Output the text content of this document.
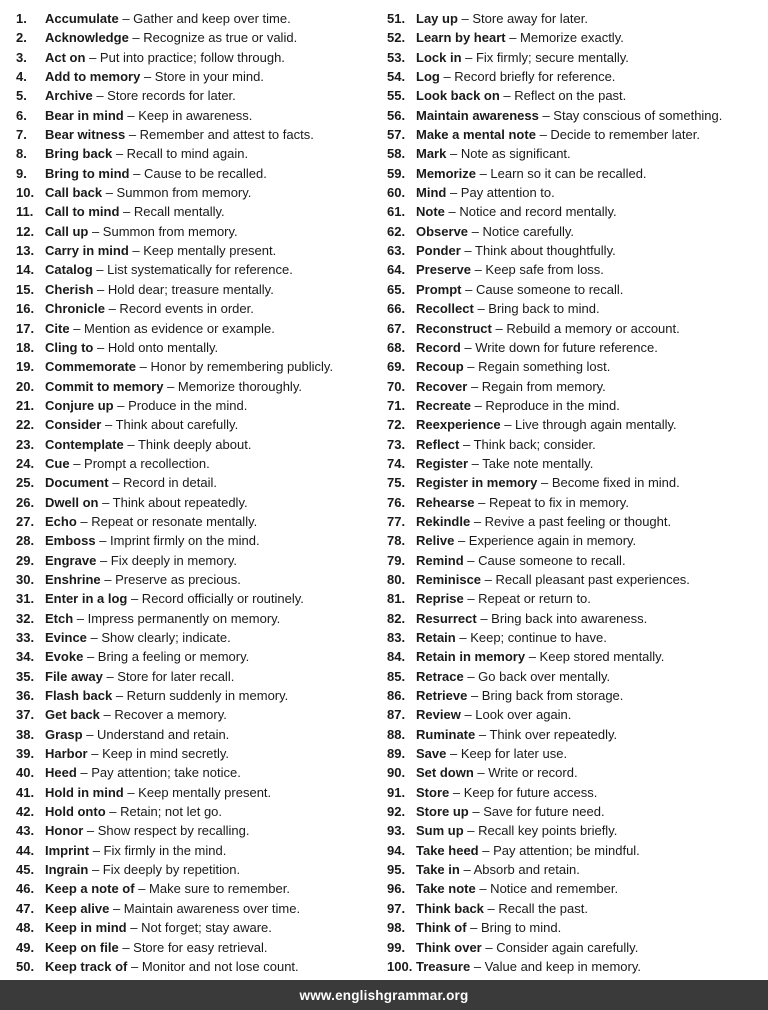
1.	Accumulate – Gather and keep over time.
2.	Acknowledge – Recognize as true or valid.
3.	Act on – Put into practice; follow through.
4.	Add to memory – Store in your mind.
5.	Archive – Store records for later.
6.	Bear in mind – Keep in awareness.
7.	Bear witness – Remember and attest to facts.
8.	Bring back – Recall to mind again.
9.	Bring to mind – Cause to be recalled.
10. Call back – Summon from memory.
11. Call to mind – Recall mentally.
12. Call up – Summon from memory.
13. Carry in mind – Keep mentally present.
14. Catalog – List systematically for reference.
15. Cherish – Hold dear; treasure mentally.
16. Chronicle – Record events in order.
17. Cite – Mention as evidence or example.
18. Cling to – Hold onto mentally.
19. Commemorate – Honor by remembering publicly.
20. Commit to memory – Memorize thoroughly.
21. Conjure up – Produce in the mind.
22. Consider – Think about carefully.
23. Contemplate – Think deeply about.
24. Cue – Prompt a recollection.
25. Document – Record in detail.
26. Dwell on – Think about repeatedly.
27. Echo – Repeat or resonate mentally.
28. Emboss – Imprint firmly on the mind.
29. Engrave – Fix deeply in memory.
30. Enshrine – Preserve as precious.
31. Enter in a log – Record officially or routinely.
32. Etch – Impress permanently on memory.
33. Evince – Show clearly; indicate.
34. Evoke – Bring a feeling or memory.
35. File away – Store for later recall.
36. Flash back – Return suddenly in memory.
37. Get back – Recover a memory.
38. Grasp – Understand and retain.
39. Harbor – Keep in mind secretly.
40. Heed – Pay attention; take notice.
41. Hold in mind – Keep mentally present.
42. Hold onto – Retain; not let go.
43. Honor – Show respect by recalling.
44. Imprint – Fix firmly in the mind.
45. Ingrain – Fix deeply by repetition.
46. Keep a note of – Make sure to remember.
47. Keep alive – Maintain awareness over time.
48. Keep in mind – Not forget; stay aware.
49. Keep on file – Store for easy retrieval.
50. Keep track of – Monitor and not lose count.
51. Lay up – Store away for later.
52. Learn by heart – Memorize exactly.
53. Lock in – Fix firmly; secure mentally.
54. Log – Record briefly for reference.
55. Look back on – Reflect on the past.
56. Maintain awareness – Stay conscious of something.
57. Make a mental note – Decide to remember later.
58. Mark – Note as significant.
59. Memorize – Learn so it can be recalled.
60. Mind – Pay attention to.
61. Note – Notice and record mentally.
62. Observe – Notice carefully.
63. Ponder – Think about thoughtfully.
64. Preserve – Keep safe from loss.
65. Prompt – Cause someone to recall.
66. Recollect – Bring back to mind.
67. Reconstruct – Rebuild a memory or account.
68. Record – Write down for future reference.
69. Recoup – Regain something lost.
70. Recover – Regain from memory.
71. Recreate – Reproduce in the mind.
72. Reexperience – Live through again mentally.
73. Reflect – Think back; consider.
74. Register – Take note mentally.
75. Register in memory – Become fixed in mind.
76. Rehearse – Repeat to fix in memory.
77. Rekindle – Revive a past feeling or thought.
78. Relive – Experience again in memory.
79. Remind – Cause someone to recall.
80. Reminisce – Recall pleasant past experiences.
81. Reprise – Repeat or return to.
82. Resurrect – Bring back into awareness.
83. Retain – Keep; continue to have.
84. Retain in memory – Keep stored mentally.
85. Retrace – Go back over mentally.
86. Retrieve – Bring back from storage.
87. Review – Look over again.
88. Ruminate – Think over repeatedly.
89. Save – Keep for later use.
90. Set down – Write or record.
91. Store – Keep for future access.
92. Store up – Save for future need.
93. Sum up – Recall key points briefly.
94. Take heed – Pay attention; be mindful.
95. Take in – Absorb and retain.
96. Take note – Notice and remember.
97. Think back – Recall the past.
98. Think of – Bring to mind.
99. Think over – Consider again carefully.
100. Treasure – Value and keep in memory.
www.englishgrammar.org
